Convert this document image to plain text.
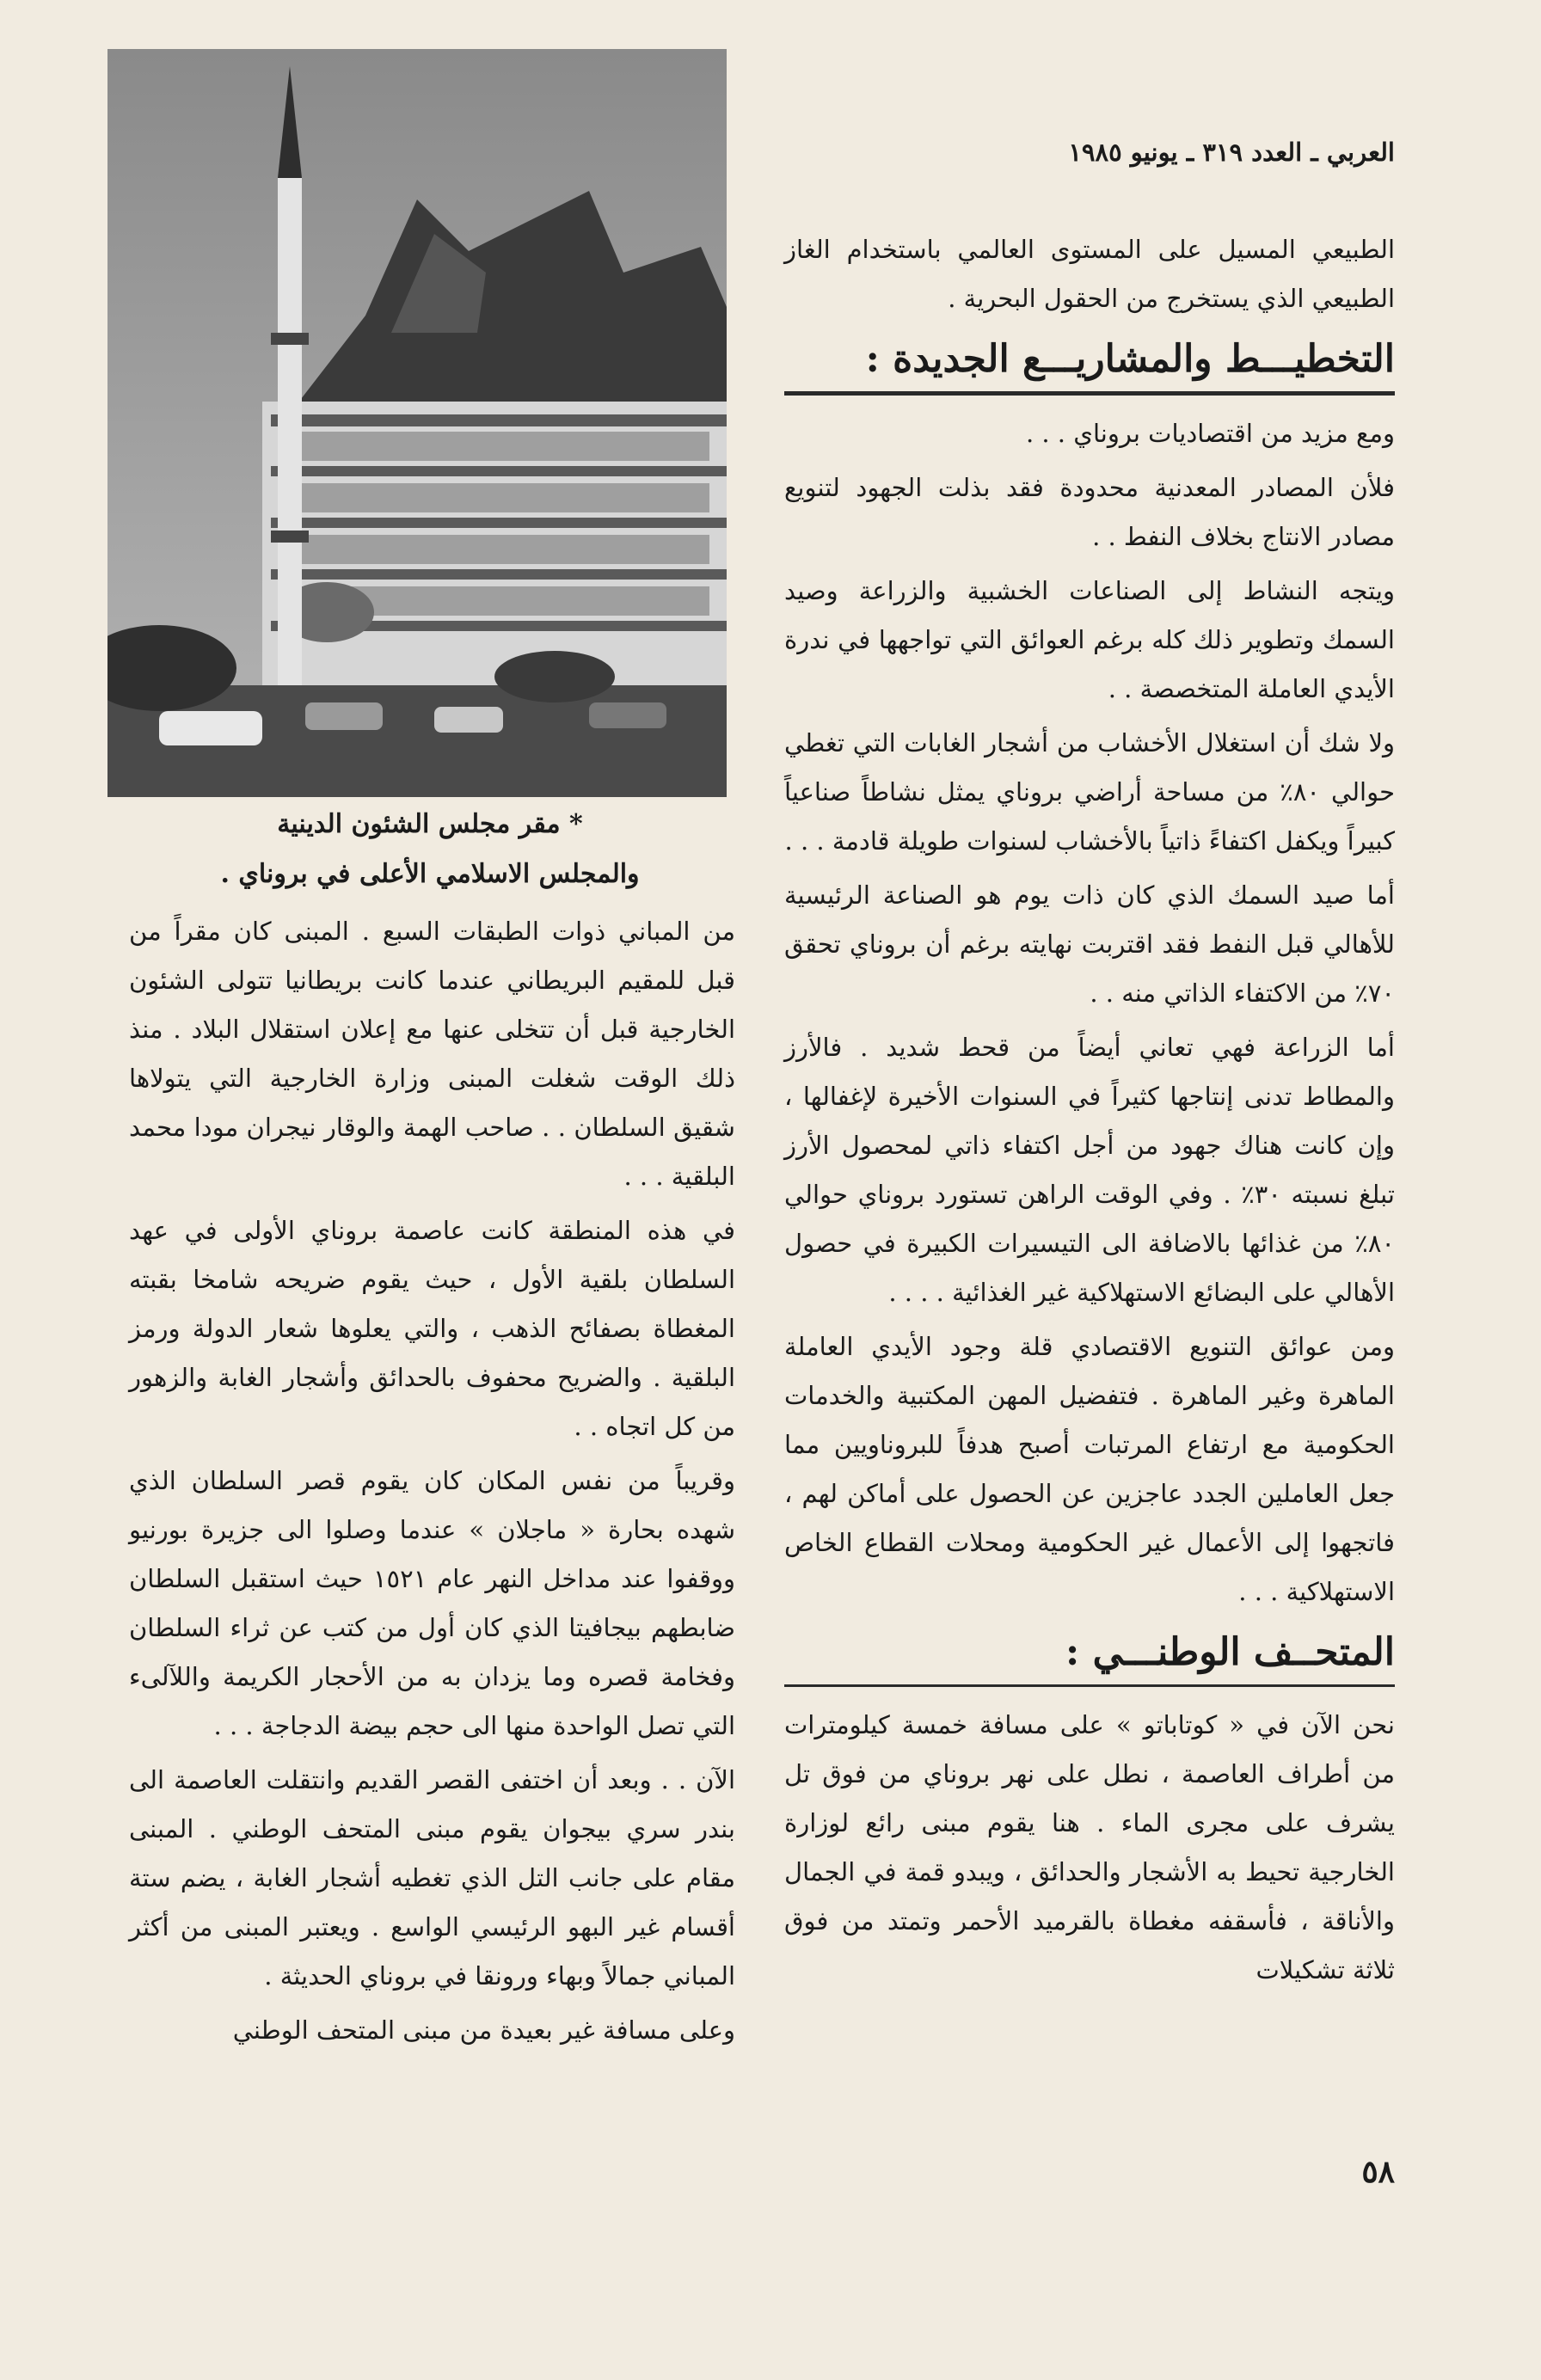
العربي ـ العدد ٣١٩ ـ يونيو ١٩٨٥
* مقر مجلس الشئون الدينية
والمجلس الاسلامي الأعلى في بروناي .

الطبيعي المسيل على المستوى العالمي باستخدام الغاز الطبيعي الذي يستخرج من الحقول البحرية .

التخطيـــط والمشاريـــع الجديدة :

ومع مزيد من اقتصاديات بروناي . . .

فلأن المصادر المعدنية محدودة فقد بذلت الجهود لتنويع مصادر الانتاج بخلاف النفط . .

ويتجه النشاط إلى الصناعات الخشبية والزراعة وصيد السمك وتطوير ذلك كله برغم العوائق التي تواجهها في ندرة الأيدي العاملة المتخصصة . .

ولا شك أن استغلال الأخشاب من أشجار الغابات التي تغطي حوالي ٨٠٪ من مساحة أراضي بروناي يمثل نشاطاً صناعياً كبيراً ويكفل اكتفاءً ذاتياً بالأخشاب لسنوات طويلة قادمة . . .

أما صيد السمك الذي كان ذات يوم هو الصناعة الرئيسية للأهالي قبل النفط فقد اقتربت نهايته برغم أن بروناي تحقق ٧٠٪ من الاكتفاء الذاتي منه . .

أما الزراعة فهي تعاني أيضاً من قحط شديد . فالأرز والمطاط تدنى إنتاجها كثيراً في السنوات الأخيرة لإغفالها ، وإن كانت هناك جهود من أجل اكتفاء ذاتي لمحصول الأرز تبلغ نسبته ٣٠٪ . وفي الوقت الراهن تستورد بروناي حوالي ٨٠٪ من غذائها بالاضافة الى التيسيرات الكبيرة في حصول الأهالي على البضائع الاستهلاكية غير الغذائية . . . .

ومن عوائق التنويع الاقتصادي قلة وجود الأيدي العاملة الماهرة وغير الماهرة . فتفضيل المهن المكتبية والخدمات الحكومية مع ارتفاع المرتبات أصبح هدفاً للبروناويين مما جعل العاملين الجدد عاجزين عن الحصول على أماكن لهم ، فاتجهوا إلى الأعمال غير الحكومية ومحلات القطاع الخاص الاستهلاكية . . .

المتحــف الوطنـــي :

نحن الآن في « كوتاباتو » على مسافة خمسة كيلومترات من أطراف العاصمة ، نطل على نهر بروناي من فوق تل يشرف على مجرى الماء . هنا يقوم مبنى رائع لوزارة الخارجية تحيط به الأشجار والحدائق ، ويبدو قمة في الجمال والأناقة ، فأسقفه مغطاة بالقرميد الأحمر وتمتد من فوق ثلاثة تشكيلات

من المباني ذوات الطبقات السبع . المبنى كان مقراً من قبل للمقيم البريطاني عندما كانت بريطانيا تتولى الشئون الخارجية قبل أن تتخلى عنها مع إعلان استقلال البلاد . منذ ذلك الوقت شغلت المبنى وزارة الخارجية التي يتولاها شقيق السلطان . . صاحب الهمة والوقار نيجران مودا محمد البلقية . . .

في هذه المنطقة كانت عاصمة بروناي الأولى في عهد السلطان بلقية الأول ، حيث يقوم ضريحه شامخا بقبته المغطاة بصفائح الذهب ، والتي يعلوها شعار الدولة ورمز البلقية . والضريح محفوف بالحدائق وأشجار الغابة والزهور من كل اتجاه . .

وقريباً من نفس المكان كان يقوم قصر السلطان الذي شهده بحارة « ماجلان » عندما وصلوا الى جزيرة بورنيو ووقفوا عند مداخل النهر عام ١٥٢١ حيث استقبل السلطان ضابطهم بيجافيتا الذي كان أول من كتب عن ثراء السلطان وفخامة قصره وما يزدان به من الأحجار الكريمة واللآلىء التي تصل الواحدة منها الى حجم بيضة الدجاجة . . .

الآن . . وبعد أن اختفى القصر القديم وانتقلت العاصمة الى بندر سري بيجوان يقوم مبنى المتحف الوطني . المبنى مقام على جانب التل الذي تغطيه أشجار الغابة ، يضم ستة أقسام غير البهو الرئيسي الواسع . ويعتبر المبنى من أكثر المباني جمالاً وبهاء ورونقا في بروناي الحديثة .

وعلى مسافة غير بعيدة من مبنى المتحف الوطني

٥٨
